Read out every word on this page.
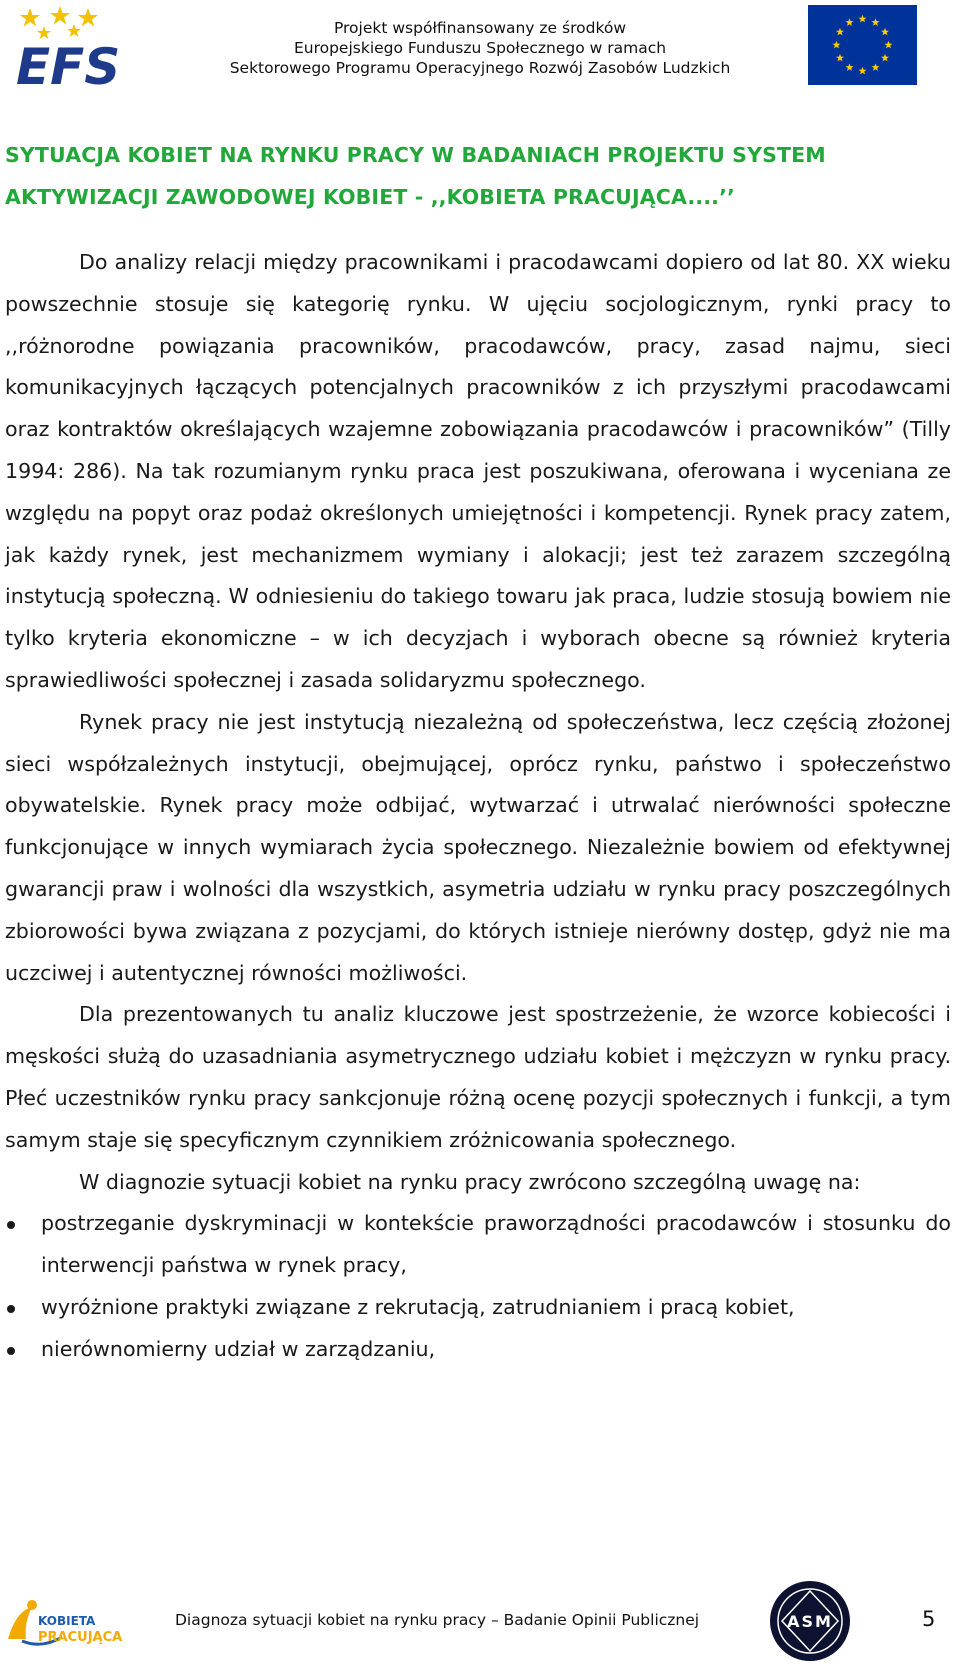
EFS
Projekt współfinansowany ze środków
Europejskiego Funduszu Społecznego w ramach
Sektorowego Programu Operacyjnego Rozwój Zasobów Ludzkich
SYTUACJA KOBIET NA RYNKU PRACY W BADANIACH PROJEKTU SYSTEM
AKTYWIZACJI ZAWODOWEJ KOBIET - ,,KOBIETA PRACUJĄCA....’’

Do analizy relacji między pracownikami i pracodawcami dopiero od lat 80. XX wieku powszechnie stosuje się kategorię rynku. W ujęciu socjologicznym, rynki pracy to ,,różnorodne powiązania pracowników, pracodawców, pracy, zasad najmu, sieci komunikacyjnych łączących potencjalnych pracowników z ich przyszłymi pracodawcami oraz kontraktów określających wzajemne zobowiązania pracodawców i pracowników” (Tilly 1994: 286). Na tak rozumianym rynku praca jest poszukiwana, oferowana i wyceniana ze względu na popyt oraz podaż określonych umiejętności i kompetencji. Rynek pracy zatem, jak każdy rynek, jest mechanizmem wymiany i alokacji; jest też zarazem szczególną instytucją społeczną. W odniesieniu do takiego towaru jak praca, ludzie stosują bowiem nie tylko kryteria ekonomiczne – w ich decyzjach i wyborach obecne są również kryteria sprawiedliwości społecznej i zasada solidaryzmu społecznego.

Rynek pracy nie jest instytucją niezależną od społeczeństwa, lecz częścią złożonej sieci współzależnych instytucji, obejmującej, oprócz rynku, państwo i społeczeństwo obywatelskie. Rynek pracy może odbijać, wytwarzać i utrwalać nierówności społeczne funkcjonujące w innych wymiarach życia społecznego. Niezależnie bowiem od efektywnej gwarancji praw i wolności dla wszystkich, asymetria udziału w rynku pracy poszczególnych zbiorowości bywa związana z pozycjami, do których istnieje nierówny dostęp, gdyż nie ma uczciwej i autentycznej równości możliwości.

Dla prezentowanych tu analiz kluczowe jest spostrzeżenie, że wzorce kobiecości i męskości służą do uzasadniania asymetrycznego udziału kobiet i mężczyzn w rynku pracy. Płeć uczestników rynku pracy sankcjonuje różną ocenę pozycji społecznych i funkcji, a tym samym staje się specyficznym czynnikiem zróżnicowania społecznego.

W diagnozie sytuacji kobiet na rynku pracy zwrócono szczególną uwagę na:

postrzeganie dyskryminacji w kontekście praworządności pracodawców i stosunku do interwencji państwa w rynek pracy,
wyróżnione praktyki związane z rekrutacją, zatrudnianiem i pracą kobiet,
nierównomierny udział w zarządzaniu,
KOBIETA
PRACUJĄCA
Diagnoza sytuacji kobiet na rynku pracy – Badanie Opinii Publicznej	ASM	5
